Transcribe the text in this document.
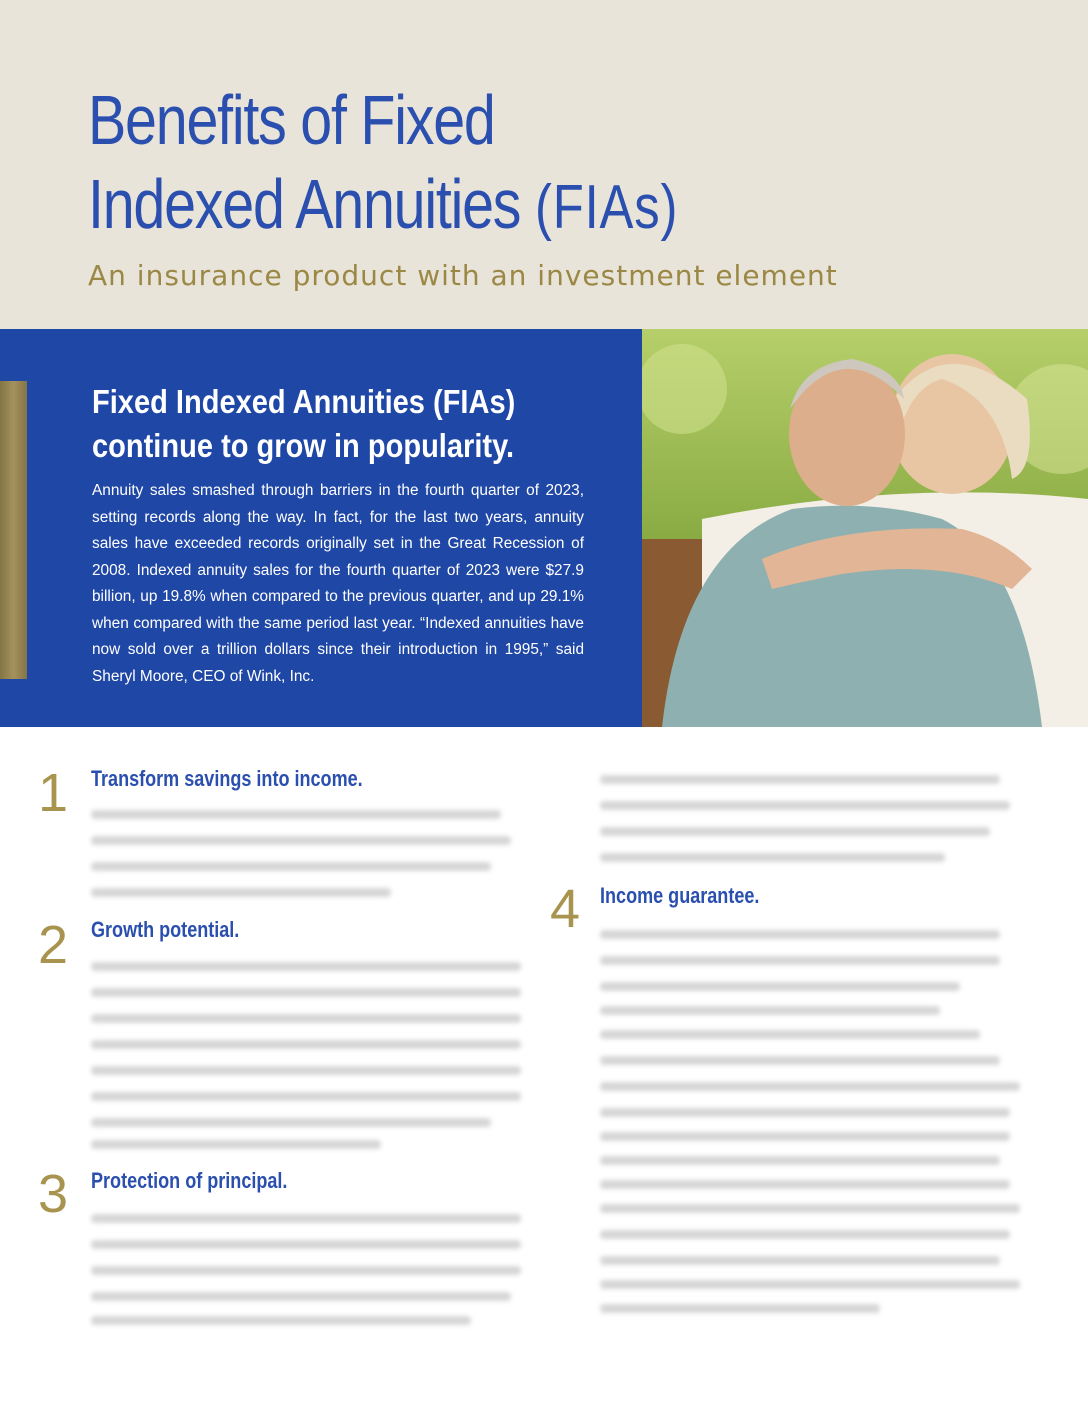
Benefits of Fixed
Indexed Annuities (FIAs)
An insurance product with an investment element
Fixed Indexed Annuities (FIAs)
continue to grow in popularity.
Annuity sales smashed through barriers in the fourth quarter of 2023, setting records along the way. In fact, for the last two years, annuity sales have exceeded records originally set in the Great Recession of 2008. Indexed annuity sales for the fourth quarter of 2023 were $27.9 billion, up 19.8% when compared to the previous quarter, and up 29.1% when compared with the same period last year. “Indexed annuities have now sold over a trillion dollars since their introduction in 1995,” said Sheryl Moore, CEO of Wink, Inc.
1 Transform savings into income.
2 Growth potential.
3 Protection of principal.
4 Income guarantee.
